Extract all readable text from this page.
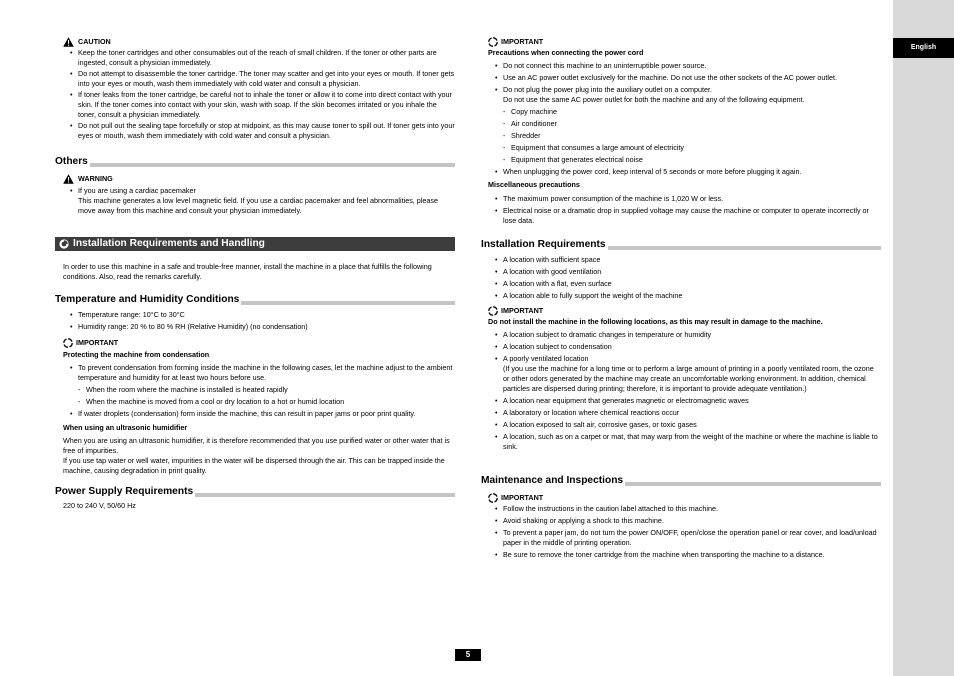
English
CAUTION
• Keep the toner cartridges and other consumables out of the reach of small children. If the toner or other parts are ingested, consult a physician immediately.
• Do not attempt to disassemble the toner cartridge. The toner may scatter and get into your eyes or mouth. If toner gets into your eyes or mouth, wash them immediately with cold water and consult a physician.
• If toner leaks from the toner cartridge, be careful not to inhale the toner or allow it to come into direct contact with your skin. If the toner comes into contact with your skin, wash with soap. If the skin becomes irritated or you inhale the toner, consult a physician immediately.
• Do not pull out the sealing tape forcefully or stop at midpoint, as this may cause toner to spill out. If toner gets into your eyes or mouth, wash them immediately with cold water and consult a physician.
Others
WARNING
• If you are using a cardiac pacemaker
This machine generates a low level magnetic field. If you use a cardiac pacemaker and feel abnormalities, please move away from this machine and consult your physician immediately.
Installation Requirements and Handling
In order to use this machine in a safe and trouble-free manner, install the machine in a place that fulfills the following conditions. Also, read the remarks carefully.
Temperature and Humidity Conditions
• Temperature range: 10°C to 30°C
• Humidity range: 20 % to 80 % RH (Relative Humidity) (no condensation)
IMPORTANT
Protecting the machine from condensation
• To prevent condensation from forming inside the machine in the following cases, let the machine adjust to the ambient temperature and humidity for at least two hours before use.
- When the room where the machine is installed is heated rapidly
- When the machine is moved from a cool or dry location to a hot or humid location
• If water droplets (condensation) form inside the machine, this can result in paper jams or poor print quality.
When using an ultrasonic humidifier
When you are using an ultrasonic humidifier, it is therefore recommended that you use purified water or other water that is free of impurities.
If you use tap water or well water, impurities in the water will be dispersed through the air. This can be trapped inside the machine, causing degradation in print quality.
Power Supply Requirements
220 to 240 V, 50/60 Hz
IMPORTANT
Precautions when connecting the power cord
• Do not connect this machine to an uninterruptible power source.
• Use an AC power outlet exclusively for the machine. Do not use the other sockets of the AC power outlet.
• Do not plug the power plug into the auxiliary outlet on a computer.
Do not use the same AC power outlet for both the machine and any of the following equipment.
- Copy machine
- Air conditioner
- Shredder
- Equipment that consumes a large amount of electricity
- Equipment that generates electrical noise
• When unplugging the power cord, keep interval of 5 seconds or more before plugging it again.
Miscellaneous precautions
• The maximum power consumption of the machine is 1,020 W or less.
• Electrical noise or a dramatic drop in supplied voltage may cause the machine or computer to operate incorrectly or lose data.
Installation Requirements
• A location with sufficient space
• A location with good ventilation
• A location with a flat, even surface
• A location able to fully support the weight of the machine
IMPORTANT
Do not install the machine in the following locations, as this may result in damage to the machine.
• A location subject to dramatic changes in temperature or humidity
• A location subject to condensation
• A poorly ventilated location
(If you use the machine for a long time or to perform a large amount of printing in a poorly ventilated room, the ozone or other odors generated by the machine may create an uncomfortable working environment. In addition, chemical particles are dispersed during printing; therefore, it is important to provide adequate ventilation.)
• A location near equipment that generates magnetic or electromagnetic waves
• A laboratory or location where chemical reactions occur
• A location exposed to salt air, corrosive gases, or toxic gases
• A location, such as on a carpet or mat, that may warp from the weight of the machine or where the machine is liable to sink.
Maintenance and Inspections
IMPORTANT
• Follow the instructions in the caution label attached to this machine.
• Avoid shaking or applying a shock to this machine.
• To prevent a paper jam, do not turn the power ON/OFF, open/close the operation panel or rear cover, and load/unload paper in the middle of printing operation.
• Be sure to remove the toner cartridge from the machine when transporting the machine to a distance.
5
